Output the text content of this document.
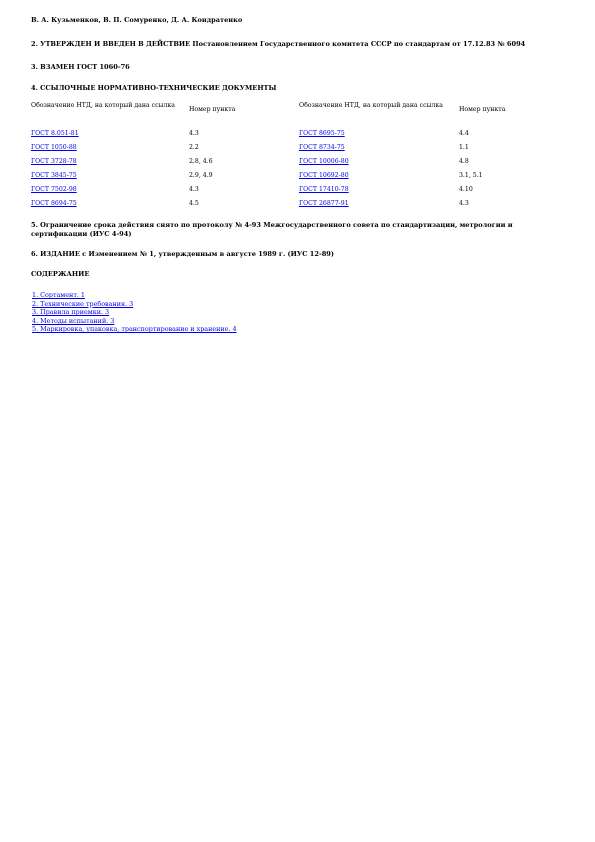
В. А. Кузьменков, В. П. Сомуренко, Д. А. Кондратенко

2. УТВЕРЖДЕН И ВВЕДЕН В ДЕЙСТВИЕ Постановлением Государственного комитета СССР по стандартам от 17.12.83 № 6094

3. ВЗАМЕН ГОСТ 1060-76

4. ССЫЛОЧНЫЕ НОРМАТИВНО-ТЕХНИЧЕСКИЕ ДОКУМЕНТЫ

Обозначение НТД, на который дана ссылка	Номер пункта	Обозначение НТД, на который дана ссылка	Номер пункта
ГОСТ 8.051-81	4.3	ГОСТ 8695-75	4.4
ГОСТ 1050-88	2.2	ГОСТ 8734-75	1.1
ГОСТ 3728-78	2.8, 4.6	ГОСТ 10006-80	4.8
ГОСТ 3845-75	2.9, 4.9	ГОСТ 10692-80	3.1, 5.1
ГОСТ 7502-98	4.3	ГОСТ 17410-78	4.10
ГОСТ 8694-75	4.5	ГОСТ 26877-91	4.3

5. Ограничение срока действия снято по протоколу № 4-93 Межгосударственного совета по стандартизации, метрологии и сертификации (ИУС 4-94)

6. ИЗДАНИЕ с Изменением № 1, утвержденным в августе 1989 г. (ИУС 12-89)

СОДЕРЖАНИЕ

1. Сортамент. 1
2. Технические требования. 3
3. Правила приемки. 3
4. Методы испытаний. 3
5. Маркировка, упаковка, транспортирование и хранение. 4
